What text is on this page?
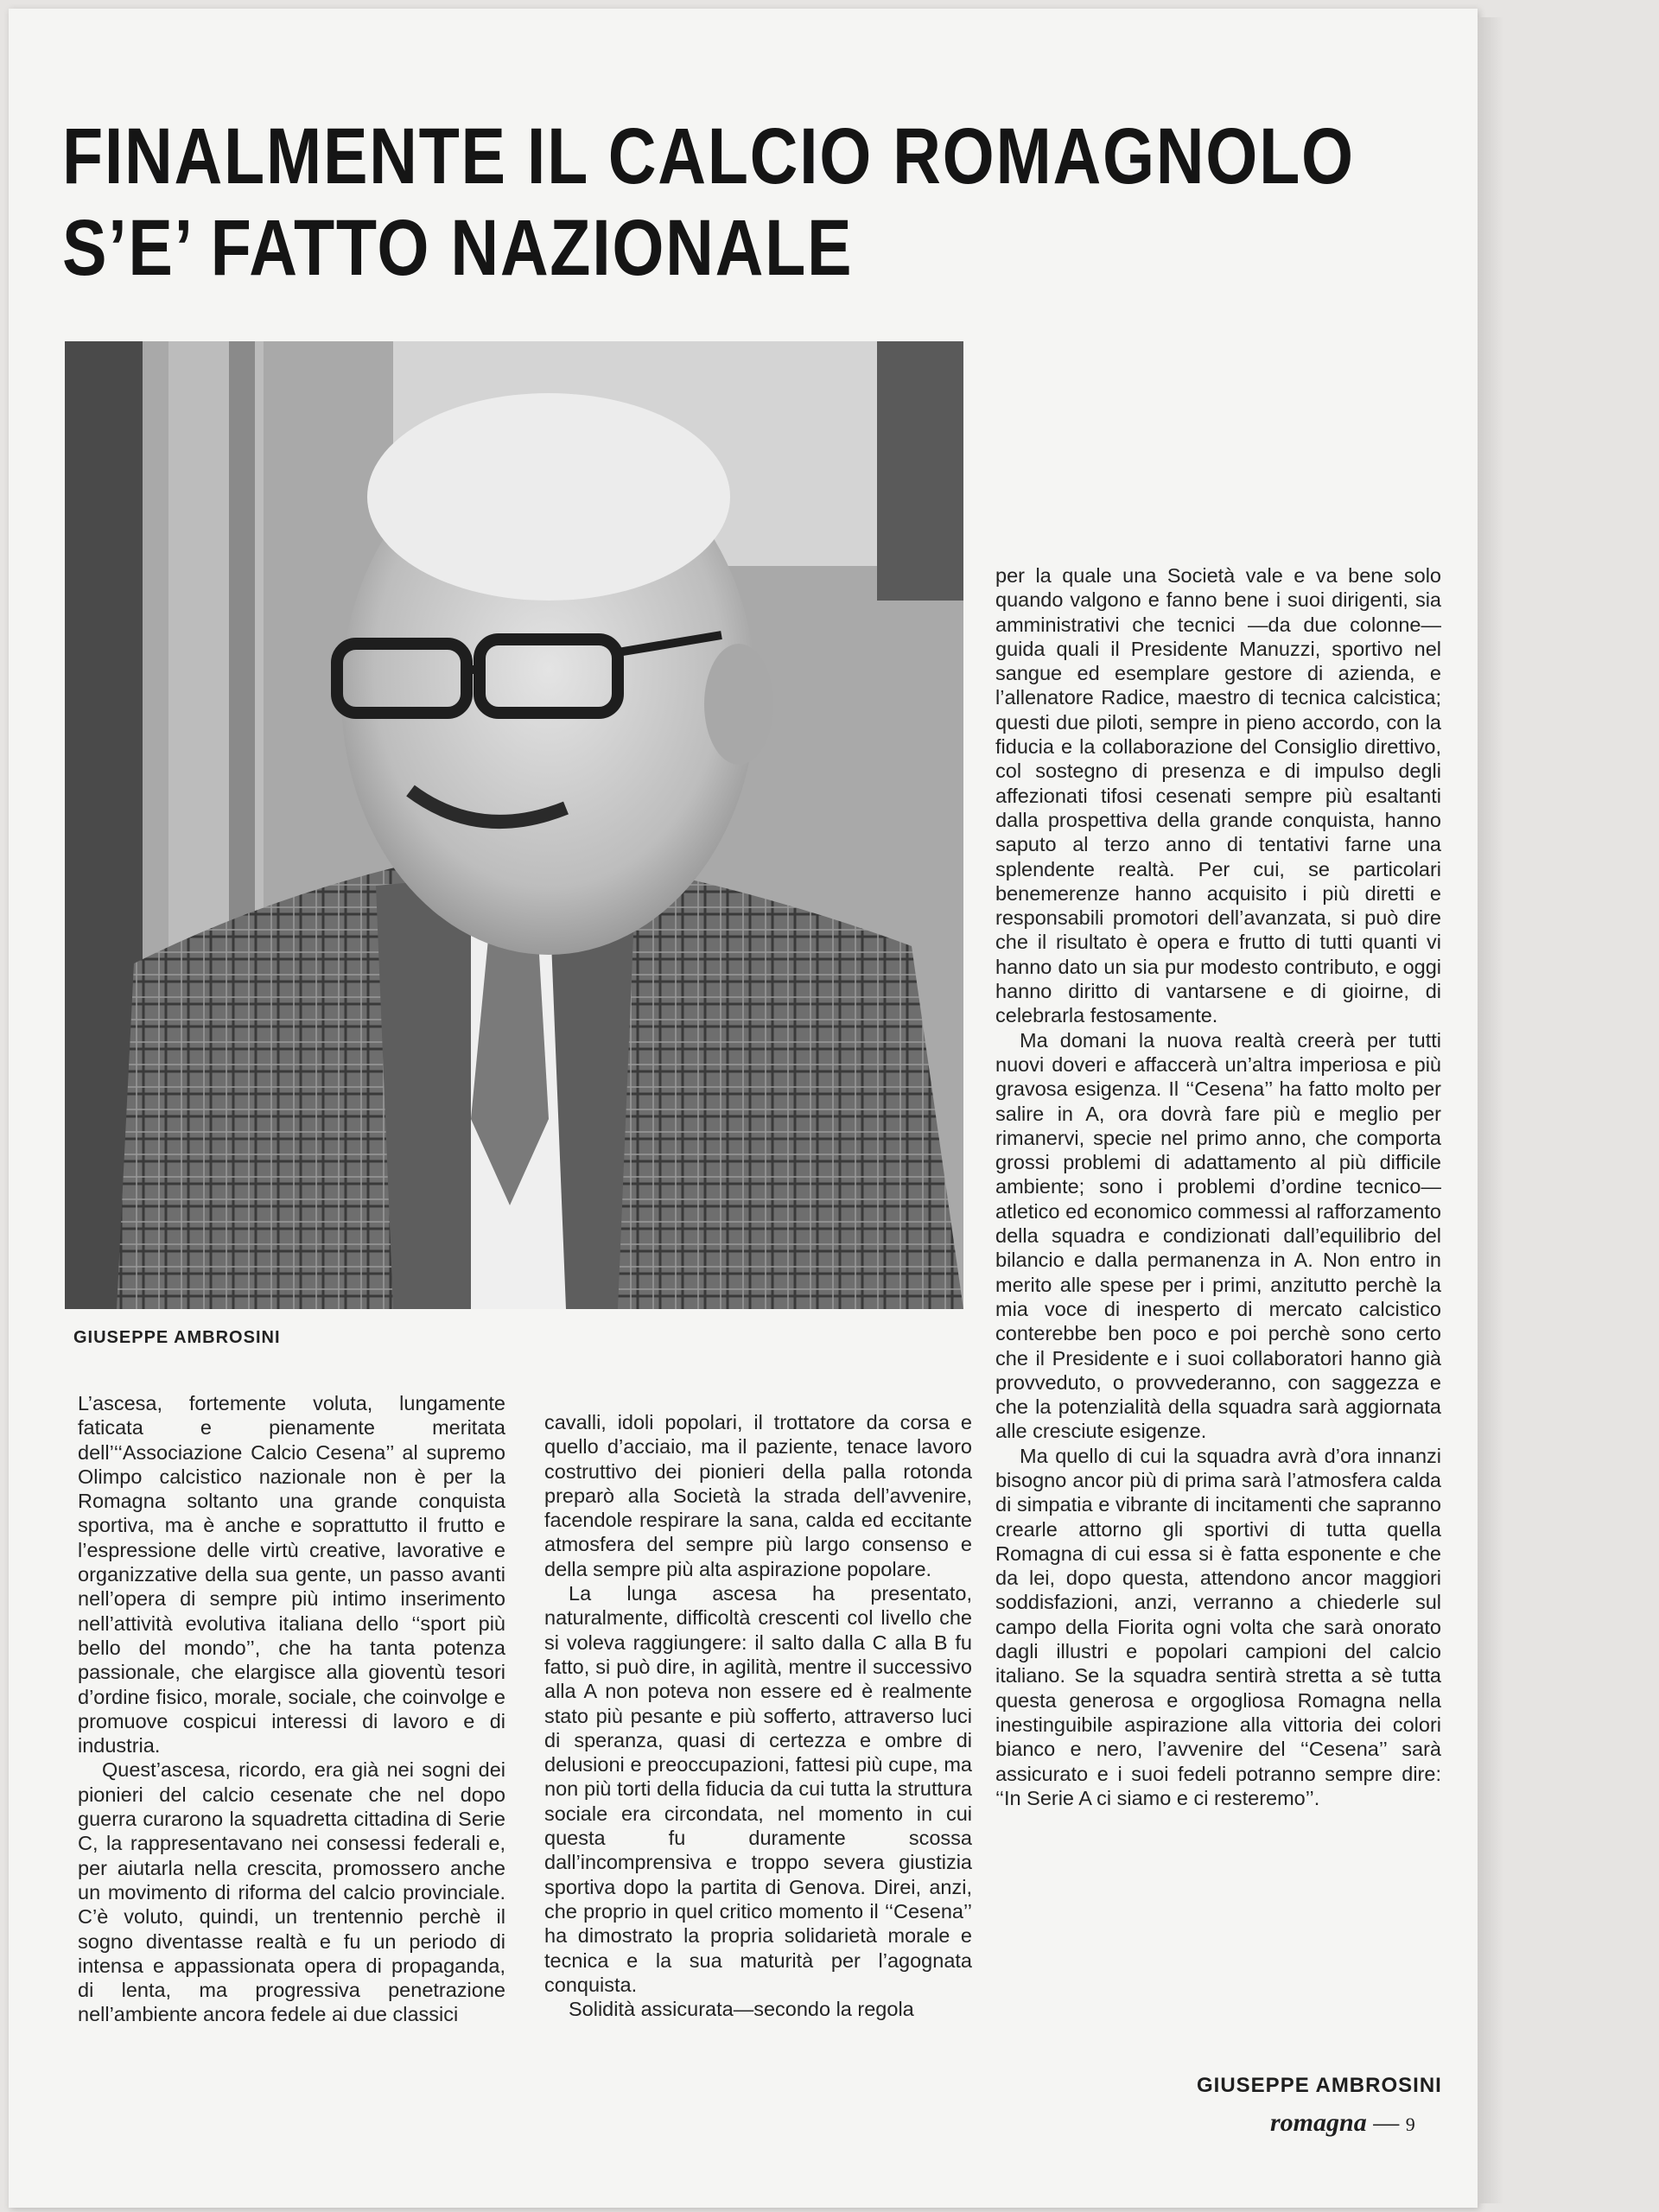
FINALMENTE IL CALCIO ROMAGNOLO
S’E’ FATTO NAZIONALE
GIUSEPPE AMBROSINI

L’ascesa, fortemente voluta, lungamente faticata e pienamente meritata dell’‘‘Associazione Calcio Cesena’’ al supremo Olimpo calcistico nazionale non è per la Romagna soltanto una grande conquista sportiva, ma è anche e soprattutto il frutto e l’espressione delle virtù creative, lavorative e organizzative della sua gente, un passo avanti nell’opera di sempre più intimo inserimento nell’attività evolutiva italiana dello ‘‘sport più bello del mondo’’, che ha tanta potenza passionale, che elargisce alla gioventù tesori d’ordine fisico, morale, sociale, che coinvolge e promuove cospicui interessi di lavoro e di industria.

Quest’ascesa, ricordo, era già nei sogni dei pionieri del calcio cesenate che nel dopo guerra curarono la squadretta cittadina di Serie C, la rappresentavano nei consessi federali e, per aiutarla nella crescita, promossero anche un movimento di riforma del calcio provinciale. C’è voluto, quindi, un trentennio perchè il sogno diventasse realtà e fu un periodo di intensa e appassionata opera di propaganda, di lenta, ma progressiva penetrazione nell’ambiente ancora fedele ai due classici

cavalli, idoli popolari, il trottatore da corsa e quello d’acciaio, ma il paziente, tenace lavoro costruttivo dei pionieri della palla rotonda preparò alla Società la strada dell’avvenire, facendole respirare la sana, calda ed eccitante atmosfera del sempre più largo consenso e della sempre più alta aspirazione popolare.

La lunga ascesa ha presentato, naturalmente, difficoltà crescenti col livello che si voleva raggiungere: il salto dalla C alla B fu fatto, si può dire, in agilità, mentre il successivo alla A non poteva non essere ed è realmente stato più pesante e più sofferto, attraverso luci di speranza, quasi di certezza e ombre di delusioni e preoccupazioni, fattesi più cupe, ma non più torti della fiducia da cui tutta la struttura sociale era circondata, nel momento in cui questa fu duramente scossa dall’incomprensiva e troppo severa giustizia sportiva dopo la partita di Genova. Direi, anzi, che proprio in quel critico momento il ‘‘Cesena’’ ha dimostrato la propria solidarietà morale e tecnica e la sua maturità per l’agognata conquista.

Solidità assicurata—secondo la regola

per la quale una Società vale e va bene solo quando valgono e fanno bene i suoi dirigenti, sia amministrativi che tecnici —da due colonne—guida quali il Presidente Manuzzi, sportivo nel sangue ed esemplare gestore di azienda, e l’allenatore Radice, maestro di tecnica calcistica; questi due piloti, sempre in pieno accordo, con la fiducia e la collaborazione del Consiglio direttivo, col sostegno di presenza e di impulso degli affezionati tifosi cesenati sempre più esaltanti dalla prospettiva della grande conquista, hanno saputo al terzo anno di tentativi farne una splendente realtà. Per cui, se particolari benemerenze hanno acquisito i più diretti e responsabili promotori dell’avanzata, si può dire che il risultato è opera e frutto di tutti quanti vi hanno dato un sia pur modesto contributo, e oggi hanno diritto di vantarsene e di gioirne, di celebrarla festosamente.

Ma domani la nuova realtà creerà per tutti nuovi doveri e affaccerà un’altra imperiosa e più gravosa esigenza. Il ‘‘Cesena’’ ha fatto molto per salire in A, ora dovrà fare più e meglio per rimanervi, specie nel primo anno, che comporta grossi problemi di adattamento al più difficile ambiente; sono i problemi d’ordine tecnico—atletico ed economico commessi al rafforzamento della squadra e condizionati dall’equilibrio del bilancio e dalla permanenza in A. Non entro in merito alle spese per i primi, anzitutto perchè la mia voce di inesperto di mercato calcistico conterebbe ben poco e poi perchè sono certo che il Presidente e i suoi collaboratori hanno già provveduto, o provvederanno, con saggezza e che la potenzialità della squadra sarà aggiornata alle cresciute esigenze.

Ma quello di cui la squadra avrà d’ora innanzi bisogno ancor più di prima sarà l’atmosfera calda di simpatia e vibrante di incitamenti che sapranno crearle attorno gli sportivi di tutta quella Romagna di cui essa si è fatta esponente e che da lei, dopo questa, attendono ancor maggiori soddisfazioni, anzi, verranno a chiederle sul campo della Fiorita ogni volta che sarà onorato dagli illustri e popolari campioni del calcio italiano. Se la squadra sentirà stretta a sè tutta questa generosa e orgogliosa Romagna nella inestinguibile aspirazione alla vittoria dei colori bianco e nero, l’avvenire del ‘‘Cesena’’ sarà assicurato e i suoi fedeli potranno sempre dire: ‘‘In Serie A ci siamo e ci resteremo’’.

GIUSEPPE AMBROSINI
romagna — 9
